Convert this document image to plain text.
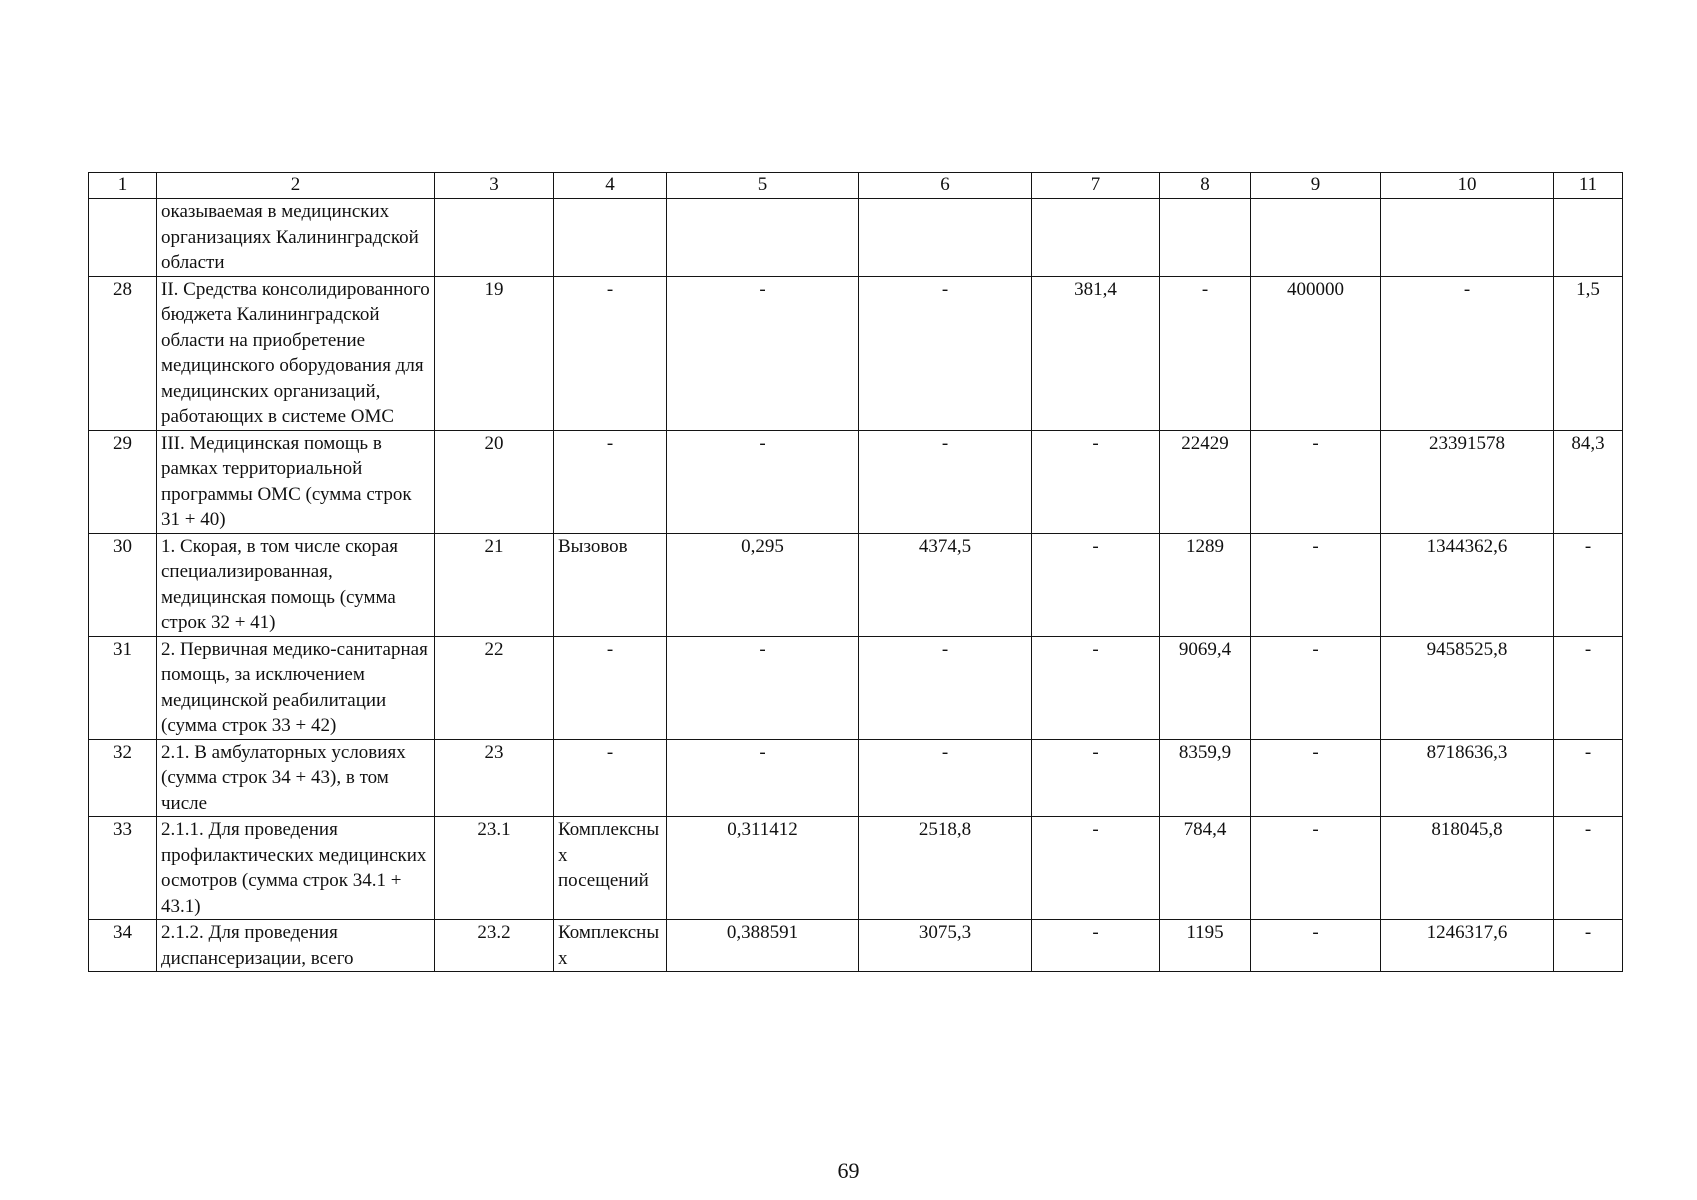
1	2	3	4	5	6	7	8	9	10	11
	оказываемая в медицинских организациях Калининградской области									
28	II. Средства консолидированного бюджета Калининградской области на приобретение медицинского оборудования для медицинских организаций, работающих в системе ОМС	19	-	-	-	381,4	-	400000	-	1,5
29	III. Медицинская помощь в рамках территориальной программы ОМС (сумма строк 31 + 40)	20	-	-	-	-	22429	-	23391578	84,3
30	1. Скорая, в том числе скорая специализированная, медицинская помощь (сумма строк 32 + 41)	21	Вызовов	0,295	4374,5	-	1289	-	1344362,6	-
31	2. Первичная медико-санитарная помощь, за исключением медицинской реабилитации (сумма строк 33 + 42)	22	-	-	-	-	9069,4	-	9458525,8	-
32	2.1. В амбулаторных условиях (сумма строк 34 + 43), в том числе	23	-	-	-	-	8359,9	-	8718636,3	-
33	2.1.1. Для проведения профилактических медицинских осмотров (сумма строк 34.1 + 43.1)	23.1	Комплексных посещений	0,311412	2518,8	-	784,4	-	818045,8	-
34	2.1.2. Для проведения диспансеризации, всего	23.2	Комплексных	0,388591	3075,3	-	1195	-	1246317,6	-
69
